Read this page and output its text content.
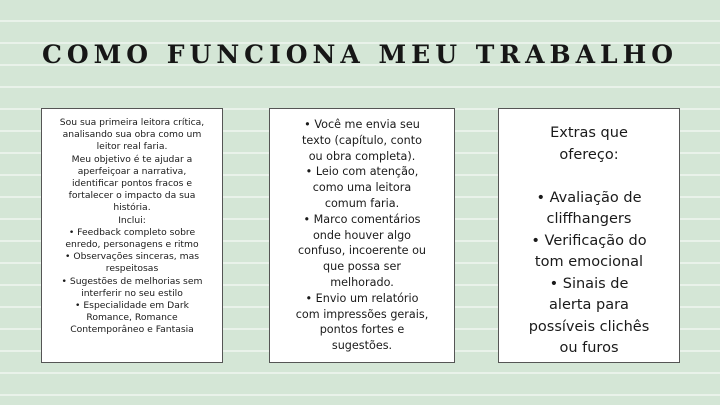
COMO FUNCIONA MEU TRABALHO
Sou sua primeira leitora crítica,
analisando sua obra como um
leitor real faria.
Meu objetivo é te ajudar a
aperfeiçoar a narrativa,
identificar pontos fracos e
fortalecer o impacto da sua
história.
Inclui:
• Feedback completo sobre
enredo, personagens e ritmo
• Observações sinceras, mas
respeitosas
• Sugestões de melhorias sem
interferir no seu estilo
• Especialidade em Dark
Romance, Romance
Contemporâneo e Fantasia
• Você me envia seu
texto (capítulo, conto
ou obra completa).
• Leio com atenção,
como uma leitora
comum faria.
• Marco comentários
onde houver algo
confuso, incoerente ou
que possa ser
melhorado.
• Envio um relatório
com impressões gerais,
pontos fortes e
sugestões.
Extras que
ofereço:

• Avaliação de
cliffhangers
• Verificação do
tom emocional
• Sinais de
alerta para
possíveis clichês
ou furos
